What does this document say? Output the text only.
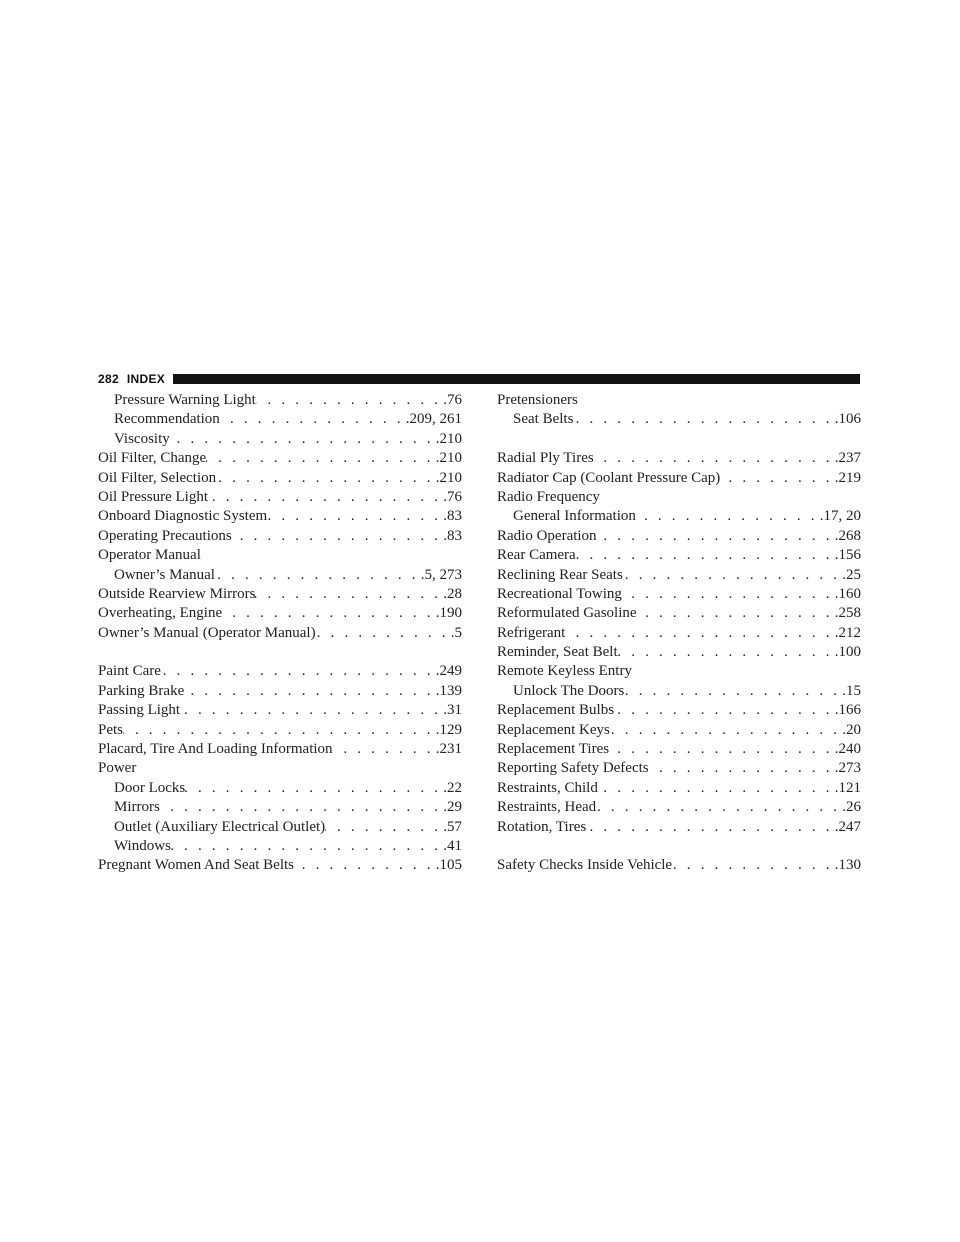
282 INDEX
Pressure Warning Light . . .	.76
Recommendation . . .	.209, 261
Viscosity . . .	.210
Oil Filter, Change . . .	.210
Oil Filter, Selection . . .	.210
Oil Pressure Light . . .	.76
Onboard Diagnostic System . . .	.83
Operating Precautions . . .	.83
Operator Manual
Owner’s Manual . . .	.5, 273
Outside Rearview Mirrors . . .	.28
Overheating, Engine . . .	.190
Owner’s Manual (Operator Manual) . . .	.5
Paint Care . . .	.249
Parking Brake . . .	.139
Passing Light . . .	.31
Pets . . .	.129
Placard, Tire And Loading Information . . .	.231
Power
Door Locks . . .	.22
Mirrors . . .	.29
Outlet (Auxiliary Electrical Outlet) . . .	.57
Windows . . .	.41
Pregnant Women And Seat Belts . . .	.105
Pretensioners
Seat Belts . . .	.106
Radial Ply Tires . . .	.237
Radiator Cap (Coolant Pressure Cap) . . .	.219
Radio Frequency
General Information . . .	.17, 20
Radio Operation . . .	.268
Rear Camera . . .	.156
Reclining Rear Seats . . .	.25
Recreational Towing . . .	.160
Reformulated Gasoline . . .	.258
Refrigerant . . .	.212
Reminder, Seat Belt . . .	.100
Remote Keyless Entry
Unlock The Doors . . .	.15
Replacement Bulbs . . .	.166
Replacement Keys . . .	.20
Replacement Tires . . .	.240
Reporting Safety Defects . . .	.273
Restraints, Child . . .	.121
Restraints, Head . . .	.26
Rotation, Tires . . .	.247
Safety Checks Inside Vehicle . . .	.130
